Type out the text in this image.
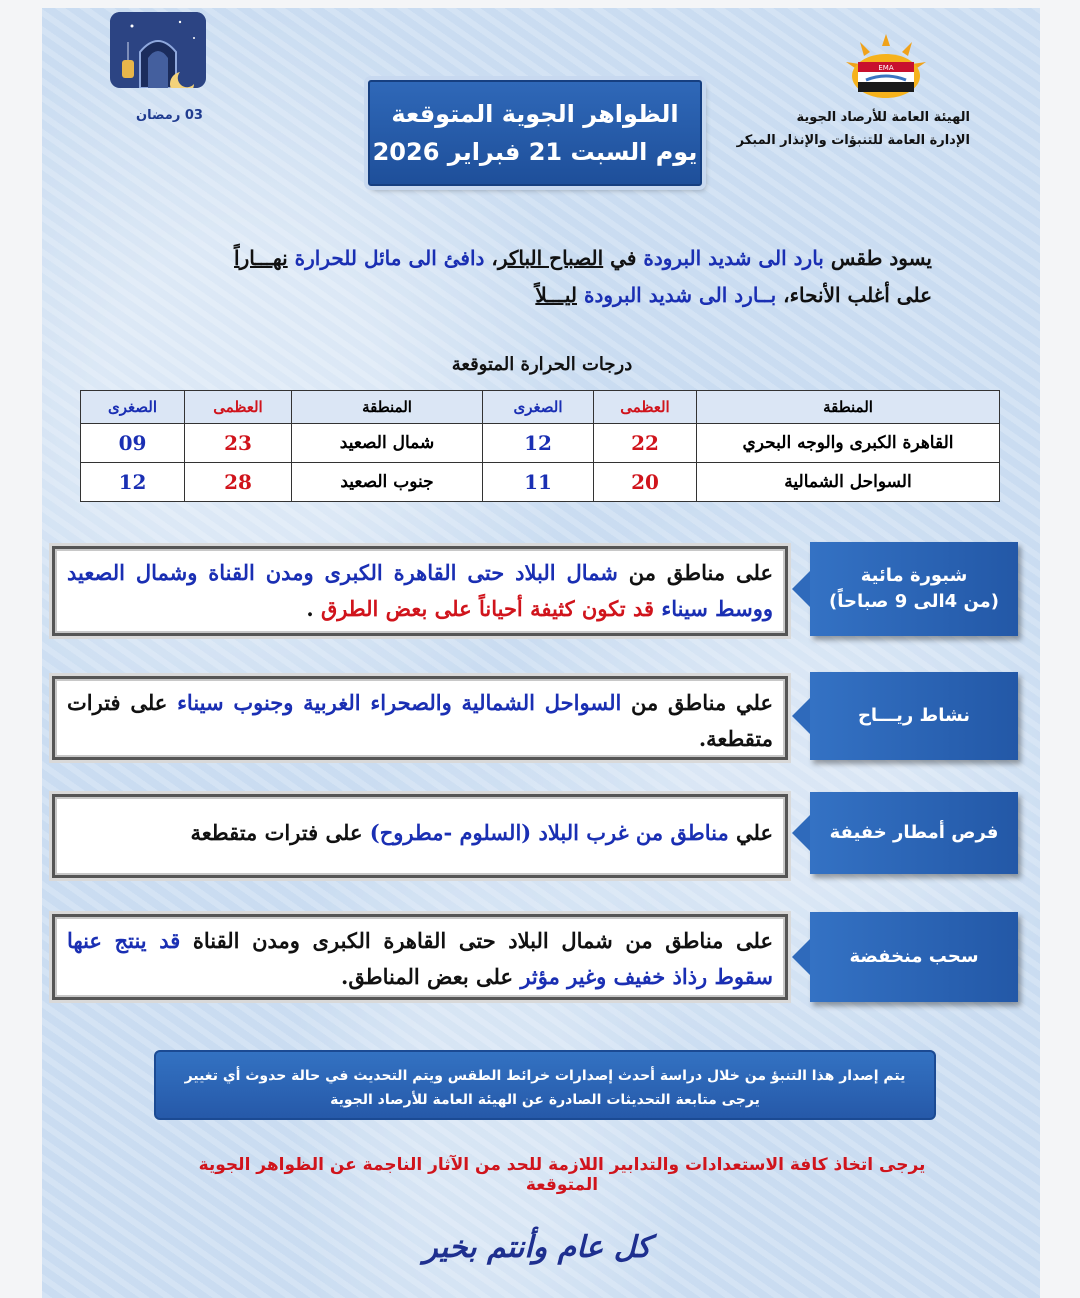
03 رمضان
EMA
الهيئة العامة للأرصاد الجوية
الإدارة العامة للتنبؤات والإنذار المبكر
الظواهر الجوية المتوقعة
يوم السبت 21 فبراير 2026
يسود طقس بارد الى شديد البرودة في الصباح الباكر، دافئ الى مائل للحرارة نهـــاراً
على أغلب الأنحاء، بــارد الى شديد البرودة ليـــلاً
درجات الحرارة المتوقعة
المنطقة	العظمى	الصغرى	المنطقة	العظمى	الصغرى
القاهرة الكبرى والوجه البحري	22	12	شمال الصعيد	23	09
السواحل الشمالية	20	11	جنوب الصعيد	28	12
شبورة مائية
(من 4الى 9 صباحاً)
على مناطق من شمال البلاد حتى القاهرة الكبرى ومدن القناة وشمال الصعيد ووسط سيناء قد تكون كثيفة أحياناً على بعض الطرق .
نشاط ريـــاح
علي مناطق من السواحل الشمالية والصحراء الغربية وجنوب سيناء على فترات متقطعة.
فرص أمطار خفيفة
علي مناطق من غرب البلاد (السلوم -مطروح) على فترات متقطعة
سحب منخفضة
على مناطق من شمال البلاد حتى القاهرة الكبرى ومدن القناة قد ينتج عنها سقوط رذاذ خفيف وغير مؤثر على بعض المناطق.
يتم إصدار هذا التنبؤ من خلال دراسة أحدث إصدارات خرائط الطقس ويتم التحديث في حالة حدوث أي تغيير
يرجى متابعة التحديثات الصادرة عن الهيئة العامة للأرصاد الجوية
يرجى اتخاذ كافة الاستعدادات والتدابير اللازمة للحد من الآثار الناجمة عن الظواهر الجوية المتوقعة
كل عام وأنتم بخير
